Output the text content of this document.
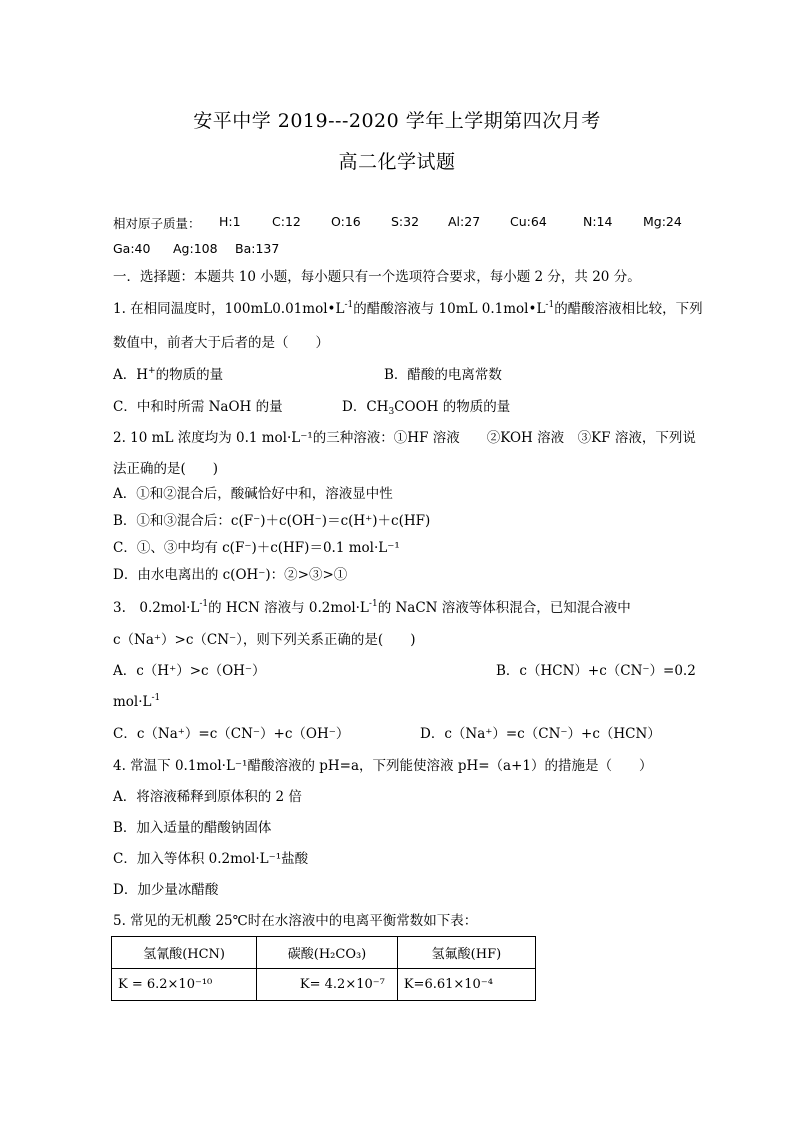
安平中学 2019---2020 学年上学期第四次月考
高二化学试题
相对原子质量： H:1	C:12 O:16 S:32 Al:27 Cu:64	N:14 Mg:24
Ga:40 Ag:108 Ba:137
一．选择题：本题共 10 小题，每小题只有一个选项符合要求，每小题 2 分，共 20 分。
1. 在相同温度时，$100mL0.01mol•L^{-1}$的醋酸溶液与 10mL $0.1mol•L^{-1}$的醋酸溶液相比较，下列
数值中，前者大于后者的是（　　）
A．H+的物质的量	B．醋酸的电离常数
C．中和时所需 NaOH 的量	D．$CH_3COOH$ 的物质的量
2. 10 mL 浓度均为 0.1 mol·L⁻¹的三种溶液：①HF 溶液　　②KOH 溶液　③KF 溶液，下列说
法正确的是(　　)
A．①和②混合后，酸碱恰好中和，溶液显中性
B．①和③混合后：c(F⁻)＋c(OH⁻)＝c(H⁺)＋c(HF)
C．①、③中均有 c(F⁻)＋c(HF)＝0.1 mol·L⁻¹
D．由水电离出的 c(OH⁻)：②>③>①
3.　$0.2mol\cdot L^{-1}$的 HCN 溶液与 $0.2mol\cdot L^{-1}$的 NaCN 溶液等体积混合，已知混合液中
c（Na⁺）>c（CN⁻），则下列关系正确的是(　　)
A．c（H⁺）>c（OH⁻）	B．c（HCN）+c（CN⁻）=0.2
$mol\cdot L^{-1}$
C．c（Na⁺）=c（CN⁻）+c（OH⁻）	D．c（Na⁺）=c（CN⁻）+c（HCN）
4. 常温下 0.1mol·L⁻¹醋酸溶液的 pH=a，下列能使溶液 pH=（a+1）的措施是（　　）
A．将溶液稀释到原体积的 2 倍
B．加入适量的醋酸钠固体
C．加入等体积 0.2mol·L⁻¹盐酸
D．加少量冰醋酸
5. 常见的无机酸 25℃时在水溶液中的电离平衡常数如下表：
氢氰酸(HCN)	碳酸(H₂CO₃)	氢氟酸(HF)
K = 6.2×10⁻¹⁰	K= 4.2×10⁻⁷	K=6.61×10⁻⁴
